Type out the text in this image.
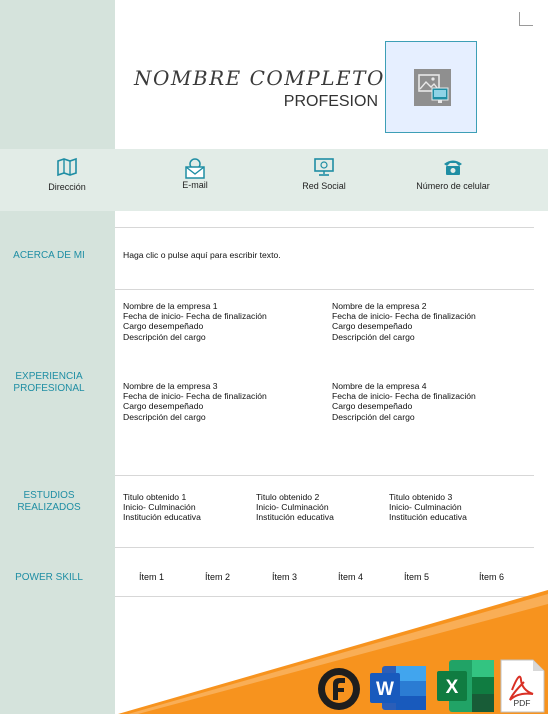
NOMBRE COMPLETO
PROFESION
Dirección	E-mail	Red Social	Número de celular
ACERCA DE MI	Haga clic o pulse aquí para escribir texto.
EXPERIENCIA
PROFESIONAL
Nombre de la empresa 1
Fecha de inicio- Fecha de finalización
Cargo desempeñado
Descripción del cargo
Nombre de la empresa 2
Fecha de inicio- Fecha de finalización
Cargo desempeñado
Descripción del cargo
Nombre de la empresa 3
Fecha de inicio- Fecha de finalización
Cargo desempeñado
Descripción del cargo
Nombre de la empresa 4
Fecha de inicio- Fecha de finalización
Cargo desempeñado
Descripción del cargo
ESTUDIOS
REALIZADOS
Titulo obtenido 1
Inicio- Culminación
Institución educativa
Titulo obtenido 2
Inicio- Culminación
Institución educativa
Titulo obtenido 3
Inicio- Culminación
Institución educativa
POWER SKILL	Ítem 1	Ítem 2	Ítem 3	Ítem 4	Ítem 5	Ítem 6
W	X
PDF
